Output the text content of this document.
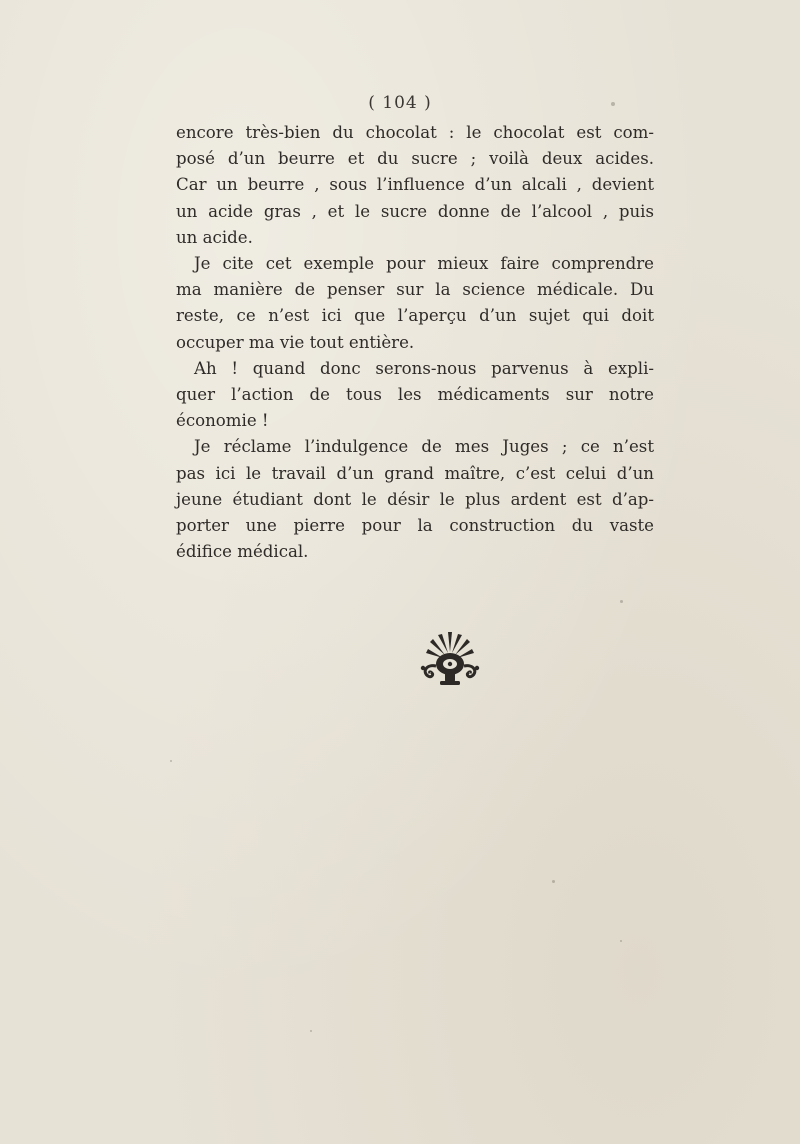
( 104 )
encore très-bien du chocolat : le chocolat est com-
posé d’un beurre et du sucre ; voilà deux acides.
Car un beurre , sous l’influence d’un alcali , devient
un acide gras , et le sucre donne de l’alcool , puis
un acide.
Je cite cet exemple pour mieux faire comprendre
ma manière de penser sur la science médicale. Du
reste, ce n’est ici que l’aperçu d’un sujet qui doit
occuper ma vie tout entière.
Ah ! quand donc serons-nous parvenus à expli-
quer l’action de tous les médicaments sur notre
économie !
Je réclame l’indulgence de mes Juges ; ce n’est
pas ici le travail d’un grand maître, c’est celui d’un
jeune étudiant dont le désir le plus ardent est d’ap-
porter une pierre pour la construction du vaste
édifice médical.
